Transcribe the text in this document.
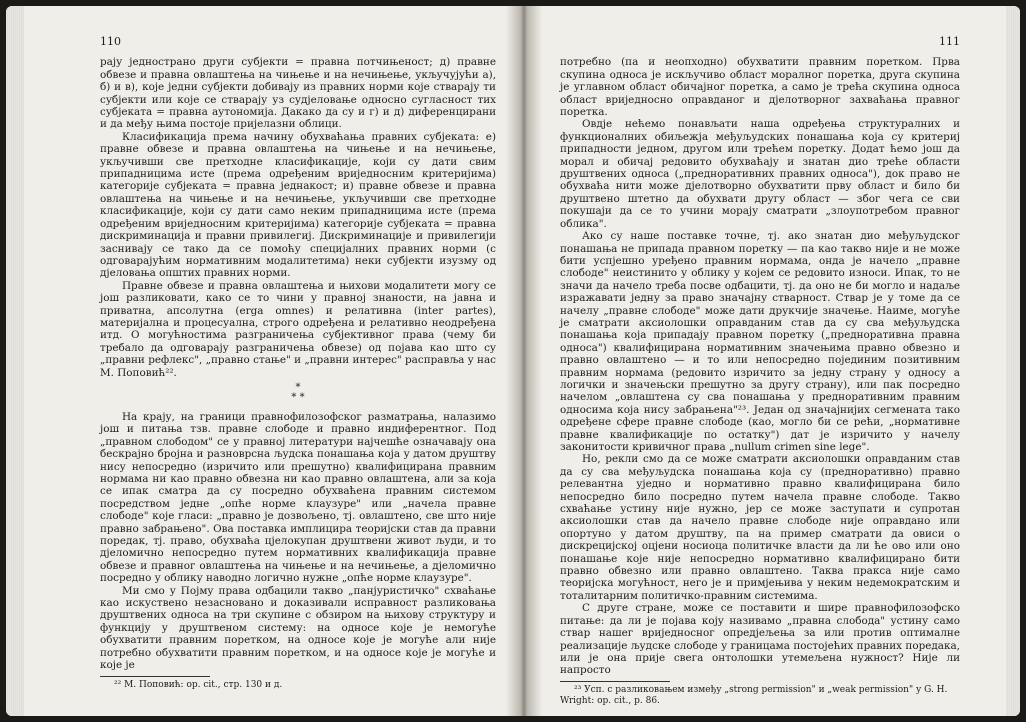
110

рају једнострано други субјекти = правна потчињеност; д) правне обвезе и правна овлаштења на чињење и на нечињење, укључујући а), б) и в), које једни субјекти добивају из правних норми које стварају ти субјекти или које се стварају уз судјеловање односно сугласност тих субјеката = правна аутономија. Дакако да су и г) и д) диференцирани и да међу њима постоје пријелазни облици.

Класификација према начину обухваћања правних субјеката: е) правне обвезе и правна овлаштења на чињење и на нечињење, укључивши све претходне класификације, који су дати свим припадницима исте (према одређеним вриједносним критеријима) категорије субјеката = правна једнакост; и) правне обвезе и правна овлаштења на чињење и на нечињење, укључивши све претходне класификације, који су дати само неким припадницима исте (према одређеним вриједносним критеријима) категорије субјеката = правна дискриминација и правни привилегиј. Дискриминације и привилегији заснивају се тако да се помоћу специјалних правних норми (с одговарајућим нормативним модалитетима) неки субјекти изузму од дјеловања општих правних норми.

Правне обвезе и правна овлаштења и њихови модалитети могу се још разликовати, како се то чини у правној знаности, на јавна и приватна, апсолутна (erga omnes) и релативна (inter partes), материјална и процесуална, строго одређена и релативно неодређена итд. О могућностима разграничења субјективног права (чему би требало да одговарају разграничења обвезе) од појава као што су „правни рефлекс", „правно стање" и „правни интерес" расправља у нас М. Поповић²².

*
* *

На крају, на граници правнофилозофског разматрања, налазимо још и питања тзв. правне слободе и правно индиферентног. Под „правном слободом" се у правној литератури најчешће означавају она бескрајно бројна и разноврсна људска понашања која у датом друштву нису непосредно (изричито или прешутно) квалифицирана правним нормама ни као правно обвезна ни као правно овлаштена, али за која се ипак сматра да су посредно обухваћена правним системом посредством једне „опће норме клаузуре" или „начела правне слободе" које гласи: „правно је дозвољено, тј. овлаштено, све што није правно забрањено". Ова поставка имплицира теоријски став да правни поредак, тј. право, обухваћа цјелокупан друштвени живот људи, и то дјеломично непосредно путем нормативних квалификација правне обвезе и правног овлаштења на чињење и на нечињење, а дјеломично посредно у облику наводно логично нужне „опће норме клаузуре".

Ми смо у Појму права одбацили такво „панјуристичко" схваћање као искуствено незасновано и доказивали исправност разликовања друштвених односа на три скупине с обзиром на њихову структуру и функцију у друштвеном систему: на односе које је немогуће обухватити правним поретком, на односе које је могуће али није потребно обухватити правним поретком, и на односе које је могуће и које је

²² М. Поповић: op. cit., стр. 130 и д.

111

потребно (па и неопходно) обухватити правним поретком. Прва скупина односа је искључиво област моралног поретка, друга скупина је углавном област обичајног поретка, а само је трећа скупина односа област вриједносно оправданог и дјелотворног захваћања правног поретка.

Овдје нећемо понављати наша одређења структуралних и функционалних обиљежја међуљудских понашања која су критериј припадности једном, другом или трећем поретку. Додат ћемо још да морал и обичај редовито обухваћају и знатан дио треће области друштвених односа („предноративних правних односа"), док право не обухваћа нити може дјелотворно обухватити прву област и било би друштвено штетно да обухвати другу област — због чега се сви покушаји да се то учини морају сматрати „злоупотребом правног облика".

Ако су наше поставке точне, тј. ако знатан дио међуљудског понашања не припада правном поретку — па као такво није и не може бити успјешно уређено правним нормама, онда је начело „правне слободе" неистинито у облику у којем се редовито износи. Ипак, то не значи да начело треба посве одбацити, тј. да оно не би могло и надаље изражавати једну за право значајну стварност. Ствар је у томе да се начелу „правне слободе" може дати друкчије значење. Наиме, могуће је сматрати аксиолошки оправданим став да су сва међуљудска понашања која припадају правном поретку („предноративна правна односа") квалифицирана нормативним значењима правно обвезно и правно овлаштено — и то или непосредно појединим позитивним правним нормама (редовито изричито за једну страну у односу а логички и значењски прешутно за другу страну), или пак посредно начелом „овлаштена су сва понашања у предноративним правним односима која нису забрањена"²³. Један од значајнијих сегмената тако одређене сфере правне слободе (као, могло би се рећи, „нормативне правне квалификације по остатку") дат је изричито у начелу законитости кривичног права „nullum crimen sine lege".

Но, рекли смо да се може сматрати аксиолошки оправданим став да су сва међуљудска понашања која су (предноративно) правно релевантна уједно и нормативно правно квалифицирана било непосредно било посредно путем начела правне слободе. Такво схваћање устину није нужно, јер се може заступати и супротан аксиолошки став да начело правне слободе није оправдано или опортуно у датом друштву, па на пример сматрати да овиси о дискрецијској оцјени носиоца политичке власти да ли ће ово или оно понашање које није непосредно нормативно квалифицирано бити правно обвезно или правно овлаштено. Таква пракса није само теоријска могућност, него је и примјењива у неким недемократским и тоталитарним политичко-правним системима.

С друге стране, може се поставити и шире правнофилозофско питање: да ли је појава коју називамо „правна слобода" устину само ствар нашег вриједносног опредјељења за или против оптималне реализације људске слободе у границама постојећих правних поредака, или је она прије свега онтолошки утемељена нужност? Није ли напросто

²³ Усп. с разликовањем између „strong permission" и „weak permission" у G. H. Wright: op. cit., p. 86.
